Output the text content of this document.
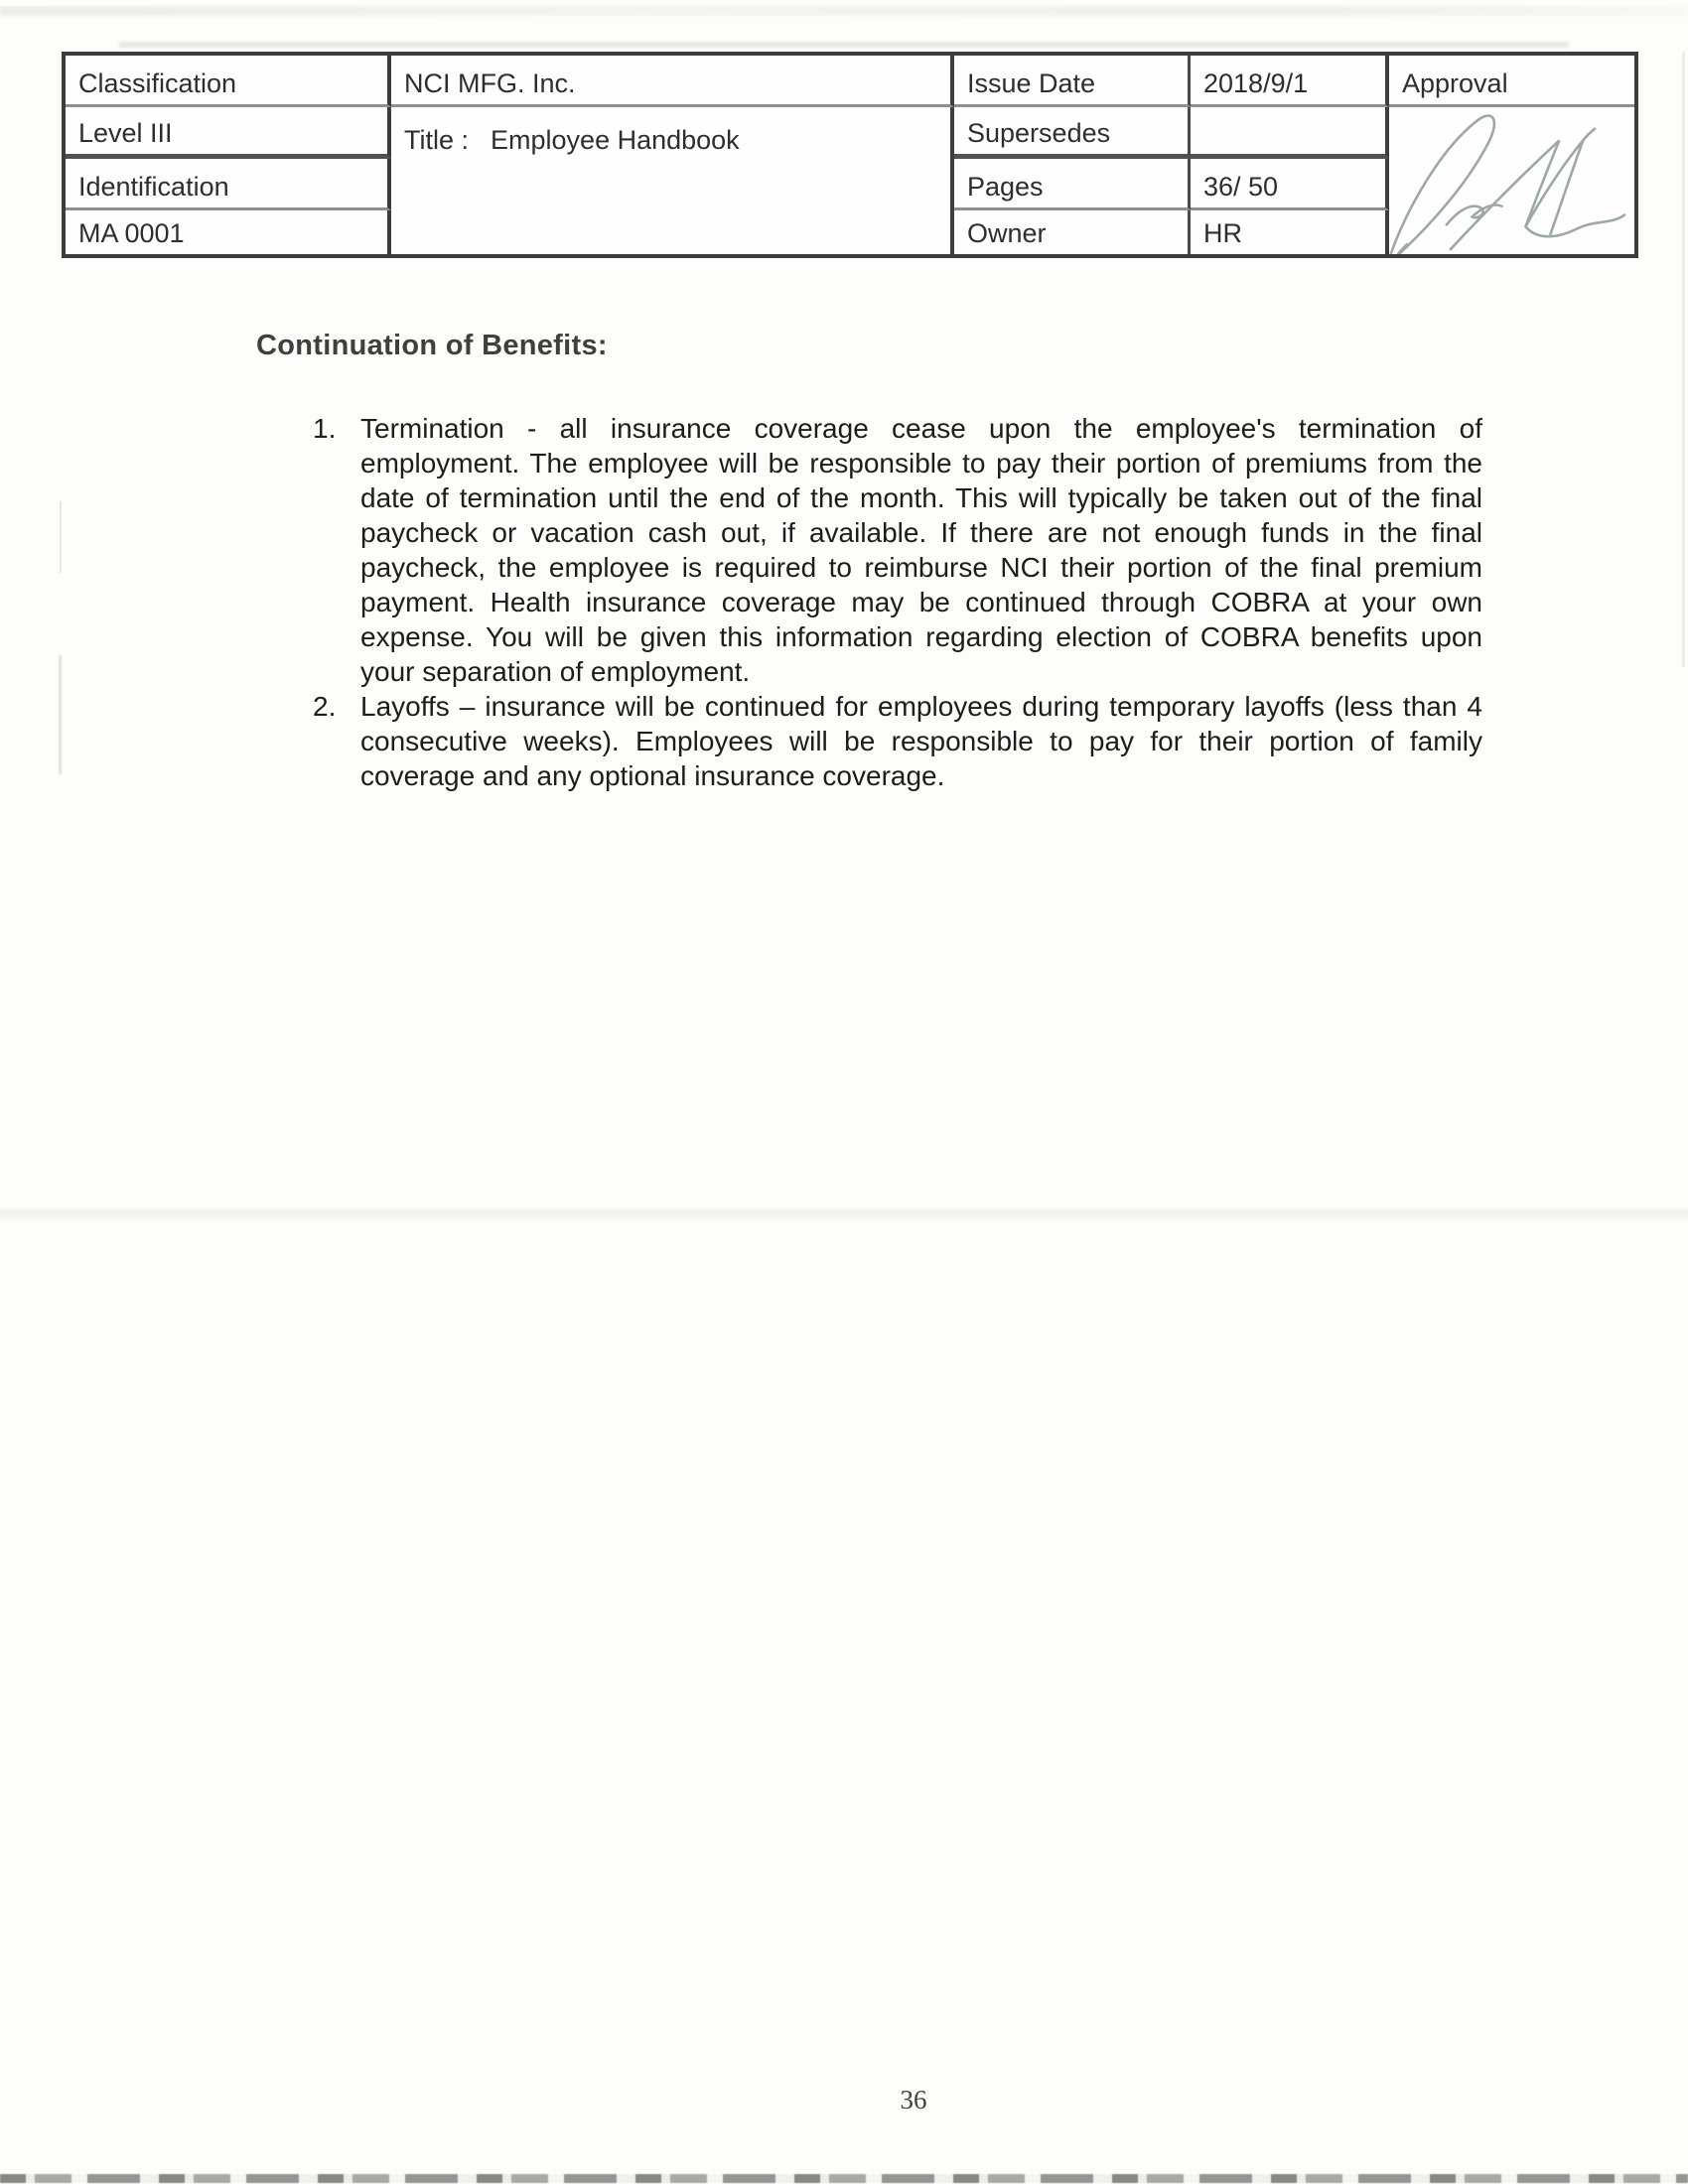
Classification
Level III
Identification
MA 0001
NCI MFG. Inc.
Title : Employee Handbook
Issue Date
Supersedes
Pages
Owner
2018/9/1
36/ 50
HR
Approval
Continuation of Benefits:
1. Termination - all insurance coverage cease upon the employee's termination of employment. The employee will be responsible to pay their portion of premiums from the date of termination until the end of the month. This will typically be taken out of the final paycheck or vacation cash out, if available. If there are not enough funds in the final paycheck, the employee is required to reimburse NCI their portion of the final premium payment. Health insurance coverage may be continued through COBRA at your own expense. You will be given this information regarding election of COBRA benefits upon your separation of employment.
2. Layoffs – insurance will be continued for employees during temporary layoffs (less than 4 consecutive weeks). Employees will be responsible to pay for their portion of family coverage and any optional insurance coverage.
36
